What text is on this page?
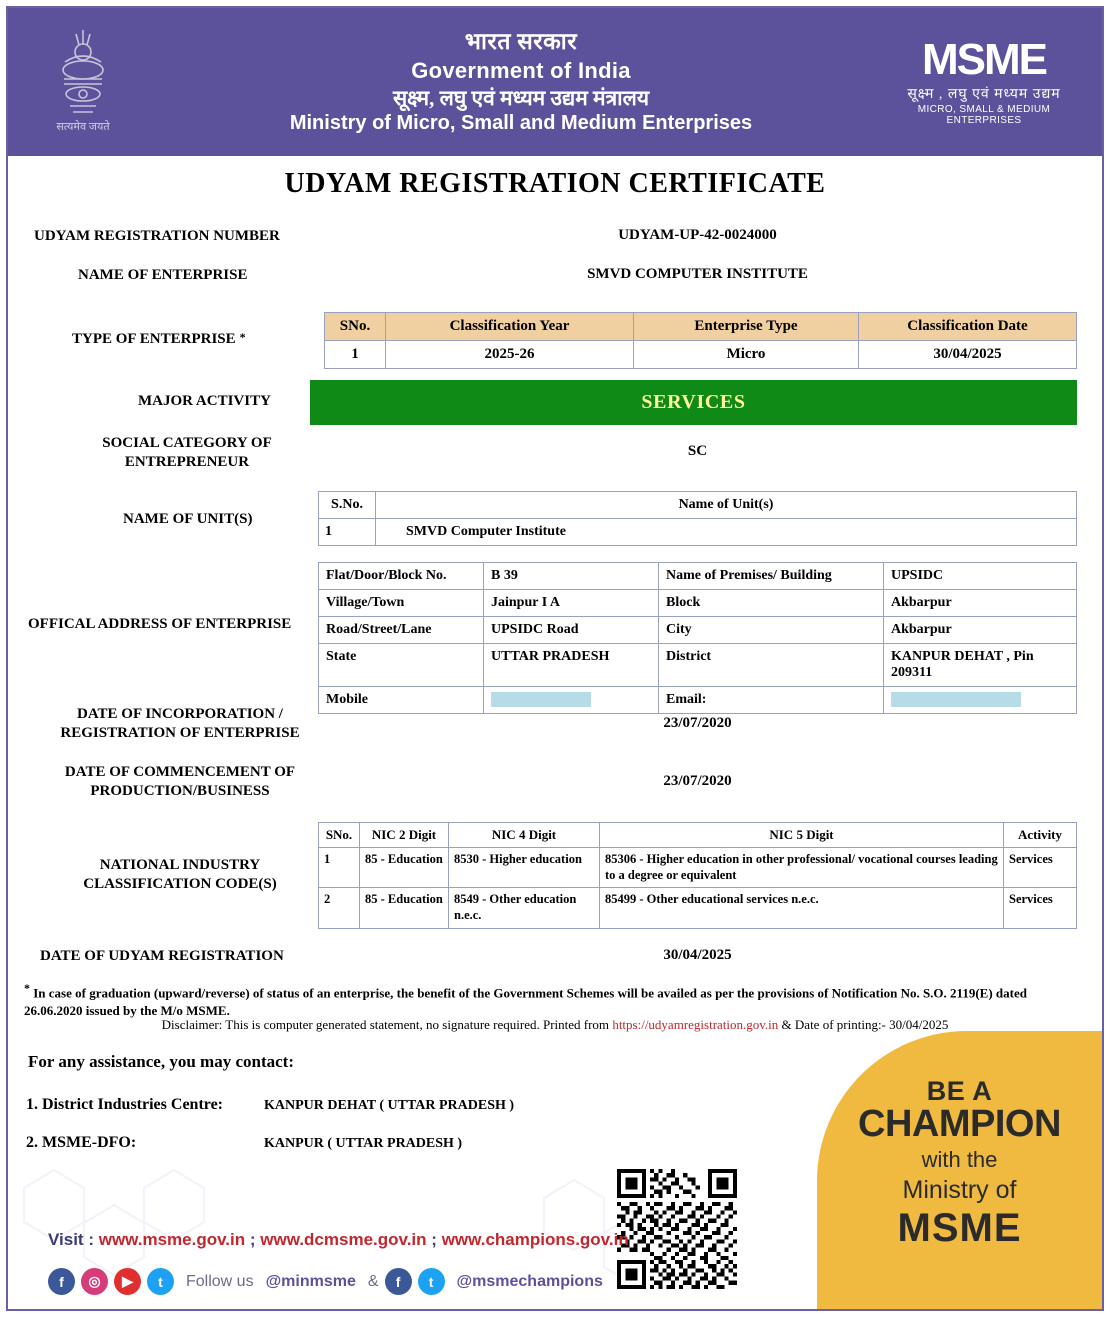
सत्यमेव जयते
भारत सरकार
Government of India
सूक्ष्म, लघु एवं मध्यम उद्यम मंत्रालय
Ministry of Micro, Small and Medium Enterprises
MSME
सूक्ष्म , लघु एवं मध्यम उद्यम
MICRO, SMALL & MEDIUM ENTERPRISES
UDYAM REGISTRATION CERTIFICATE
UDYAM REGISTRATION NUMBER	UDYAM-UP-42-0024000
NAME OF ENTERPRISE	SMVD COMPUTER INSTITUTE
TYPE OF ENTERPRISE *
SNo.	Classification Year	Enterprise Type	Classification Date
1	2025-26	Micro	30/04/2025
MAJOR ACTIVITY	SERVICES
SOCIAL CATEGORY OF ENTREPRENEUR
SC
NAME OF UNIT(S)
S.No.	Name of Unit(s)
1	SMVD Computer Institute
OFFICAL ADDRESS OF ENTERPRISE
Flat/Door/Block No.	B 39	Name of Premises/ Building	UPSIDC
Village/Town	Jainpur I A	Block	Akbarpur
Road/Street/Lane	UPSIDC Road	City	Akbarpur
State	UTTAR PRADESH	District	KANPUR DEHAT , Pin 209311
Mobile		Email:	
DATE OF INCORPORATION / REGISTRATION OF ENTERPRISE
23/07/2020
DATE OF COMMENCEMENT OF PRODUCTION/BUSINESS
23/07/2020
NATIONAL INDUSTRY CLASSIFICATION CODE(S)
SNo.	NIC 2 Digit	NIC 4 Digit	NIC 5 Digit	Activity
1	85 - Education	8530 - Higher education	85306 - Higher education in other professional/ vocational courses leading to a degree or equivalent	Services
2	85 - Education	8549 - Other education n.e.c.	85499 - Other educational services n.e.c.	Services
DATE OF UDYAM REGISTRATION	30/04/2025
* In case of graduation (upward/reverse) of status of an enterprise, the benefit of the Government Schemes will be availed as per the provisions of Notification No. S.O. 2119(E) dated 26.06.2020 issued by the M/o MSME.
Disclaimer: This is computer generated statement, no signature required. Printed from https://udyamregistration.gov.in & Date of printing:- 30/04/2025
For any assistance, you may contact:
1. District Industries Centre:	KANPUR DEHAT ( UTTAR PRADESH )
2. MSME-DFO:	KANPUR ( UTTAR PRADESH )
BE A
CHAMPION
with the
Ministry of
MSME
Visit : www.msme.gov.in ; www.dcmsme.gov.in ; www.champions.gov.in
f	◎	▶	t	Follow us @minmsme &	f	t	@msmechampions
